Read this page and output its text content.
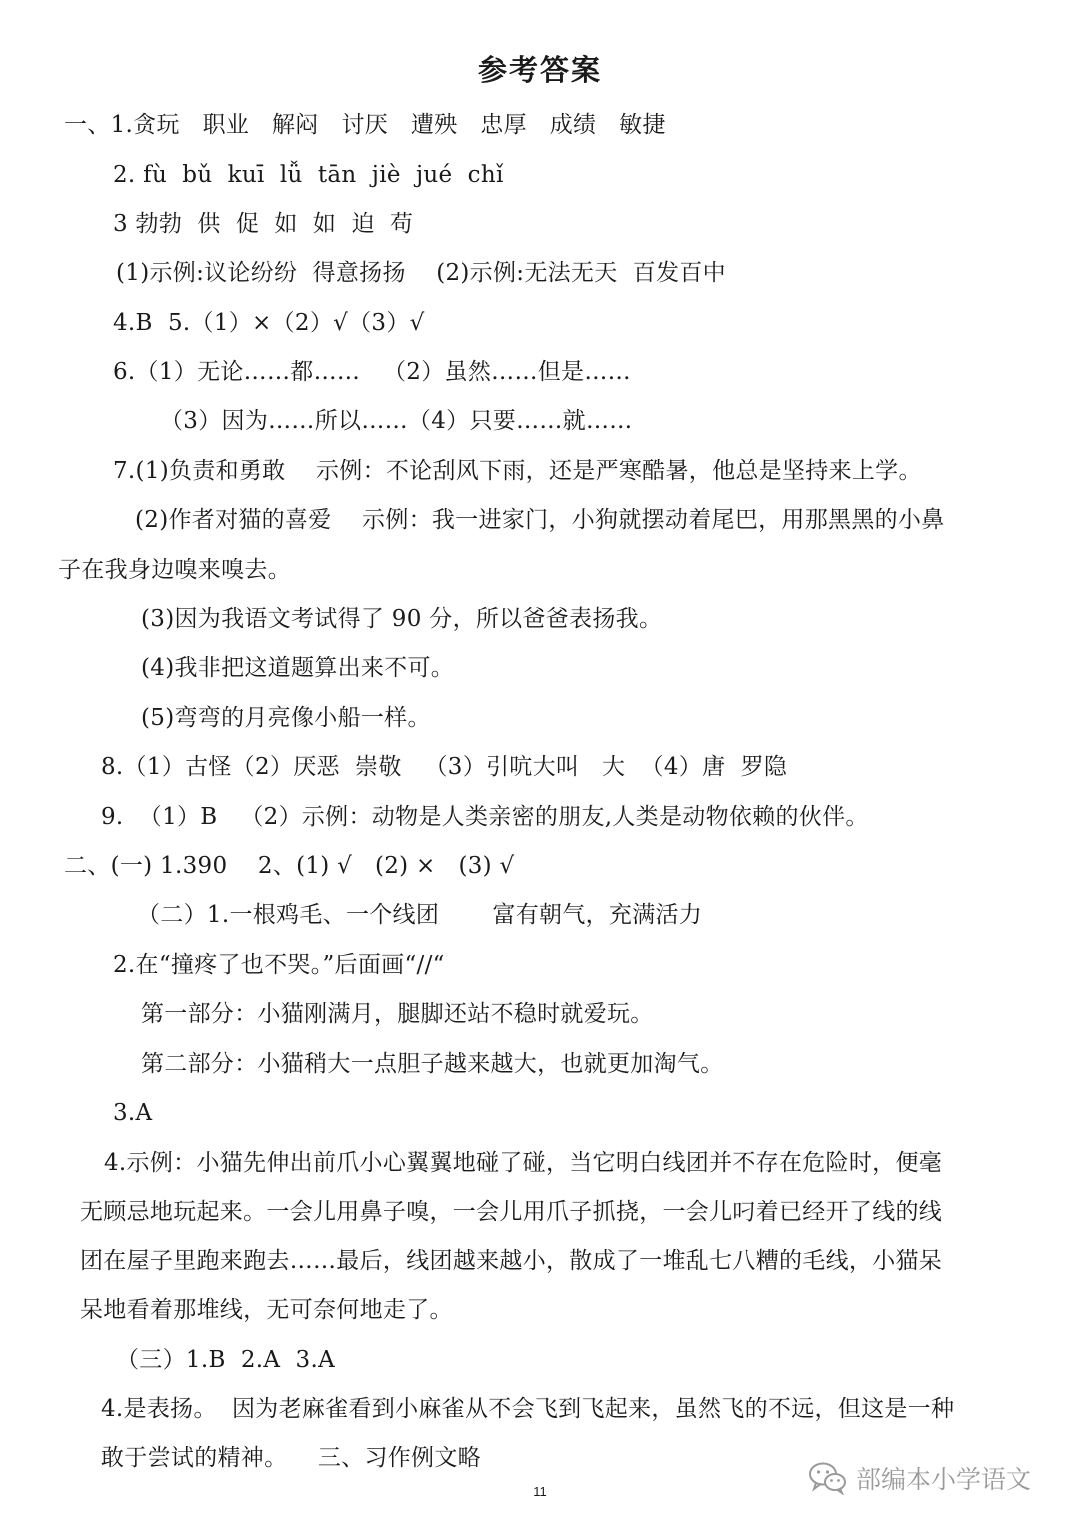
参考答案
一、1.贪玩   职业   解闷   讨厌   遭殃   忠厚   成绩   敏捷
2. fù  bǔ  kuī  lǚ  tān  jiè  jué  chǐ
3 勃勃  供  促  如  如  迫  苟
(1)示例:议论纷纷  得意扬扬    (2)示例:无法无天  百发百中
4.B  5.（1）×（2）√（3）√
6.（1）无论……都……   （2）虽然……但是……
（3）因为……所以……（4）只要……就……
7.(1)负责和勇敢    示例：不论刮风下雨，还是严寒酷暑，他总是坚持来上学。
(2)作者对猫的喜爱    示例：我一进家门，小狗就摆动着尾巴，用那黑黑的小鼻
子在我身边嗅来嗅去。
(3)因为我语文考试得了 90 分，所以爸爸表扬我。
(4)我非把这道题算出来不可。
(5)弯弯的月亮像小船一样。
8.（1）古怪（2）厌恶  崇敬   （3）引吭大叫   大  （4）唐  罗隐
9.  （1）B   （2）示例：动物是人类亲密的朋友,人类是动物依赖的伙伴。
二、(一) 1.390    2、(1) √   (2) ×   (3) √
（二）1.一根鸡毛、一个线团       富有朝气，充满活力
2.在“撞疼了也不哭。”后面画“//“
第一部分：小猫刚满月，腿脚还站不稳时就爱玩。
第二部分：小猫稍大一点胆子越来越大，也就更加淘气。
3.A
4.示例：小猫先伸出前爪小心翼翼地碰了碰，当它明白线团并不存在危险时，便毫
无顾忌地玩起来。一会儿用鼻子嗅，一会儿用爪子抓挠，一会儿叼着已经开了线的线
团在屋子里跑来跑去……最后，线团越来越小，散成了一堆乱七八糟的毛线，小猫呆
呆地看着那堆线，无可奈何地走了。
（三）1.B  2.A  3.A
4.是表扬。  因为老麻雀看到小麻雀从不会飞到飞起来，虽然飞的不远，但这是一种
敢于尝试的精神。    三、习作例文略
11	部编本小学语文
